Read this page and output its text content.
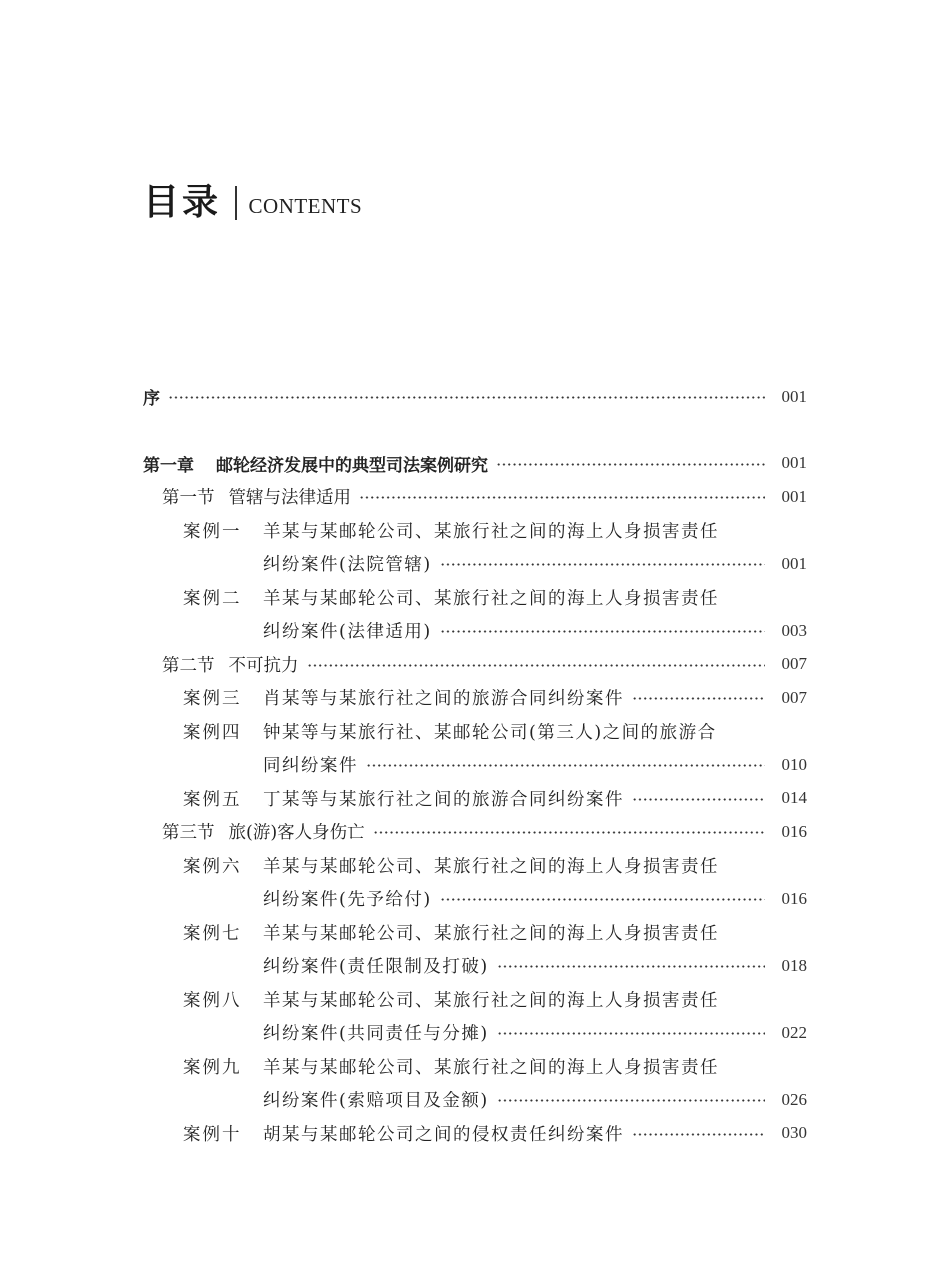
目录 CONTENTS
序	001
第一章 邮轮经济发展中的典型司法案例研究	001
第一节 管辖与法律适用	001
案例一	羊某与某邮轮公司、某旅行社之间的海上人身损害责任
纠纷案件(法院管辖)	001
案例二	羊某与某邮轮公司、某旅行社之间的海上人身损害责任
纠纷案件(法律适用)	003
第二节 不可抗力	007
案例三	肖某等与某旅行社之间的旅游合同纠纷案件	007
案例四	钟某等与某旅行社、某邮轮公司(第三人)之间的旅游合
同纠纷案件	010
案例五	丁某等与某旅行社之间的旅游合同纠纷案件	014
第三节 旅(游)客人身伤亡	016
案例六	羊某与某邮轮公司、某旅行社之间的海上人身损害责任
纠纷案件(先予给付)	016
案例七	羊某与某邮轮公司、某旅行社之间的海上人身损害责任
纠纷案件(责任限制及打破)	018
案例八	羊某与某邮轮公司、某旅行社之间的海上人身损害责任
纠纷案件(共同责任与分摊)	022
案例九	羊某与某邮轮公司、某旅行社之间的海上人身损害责任
纠纷案件(索赔项目及金额)	026
案例十	胡某与某邮轮公司之间的侵权责任纠纷案件	030
